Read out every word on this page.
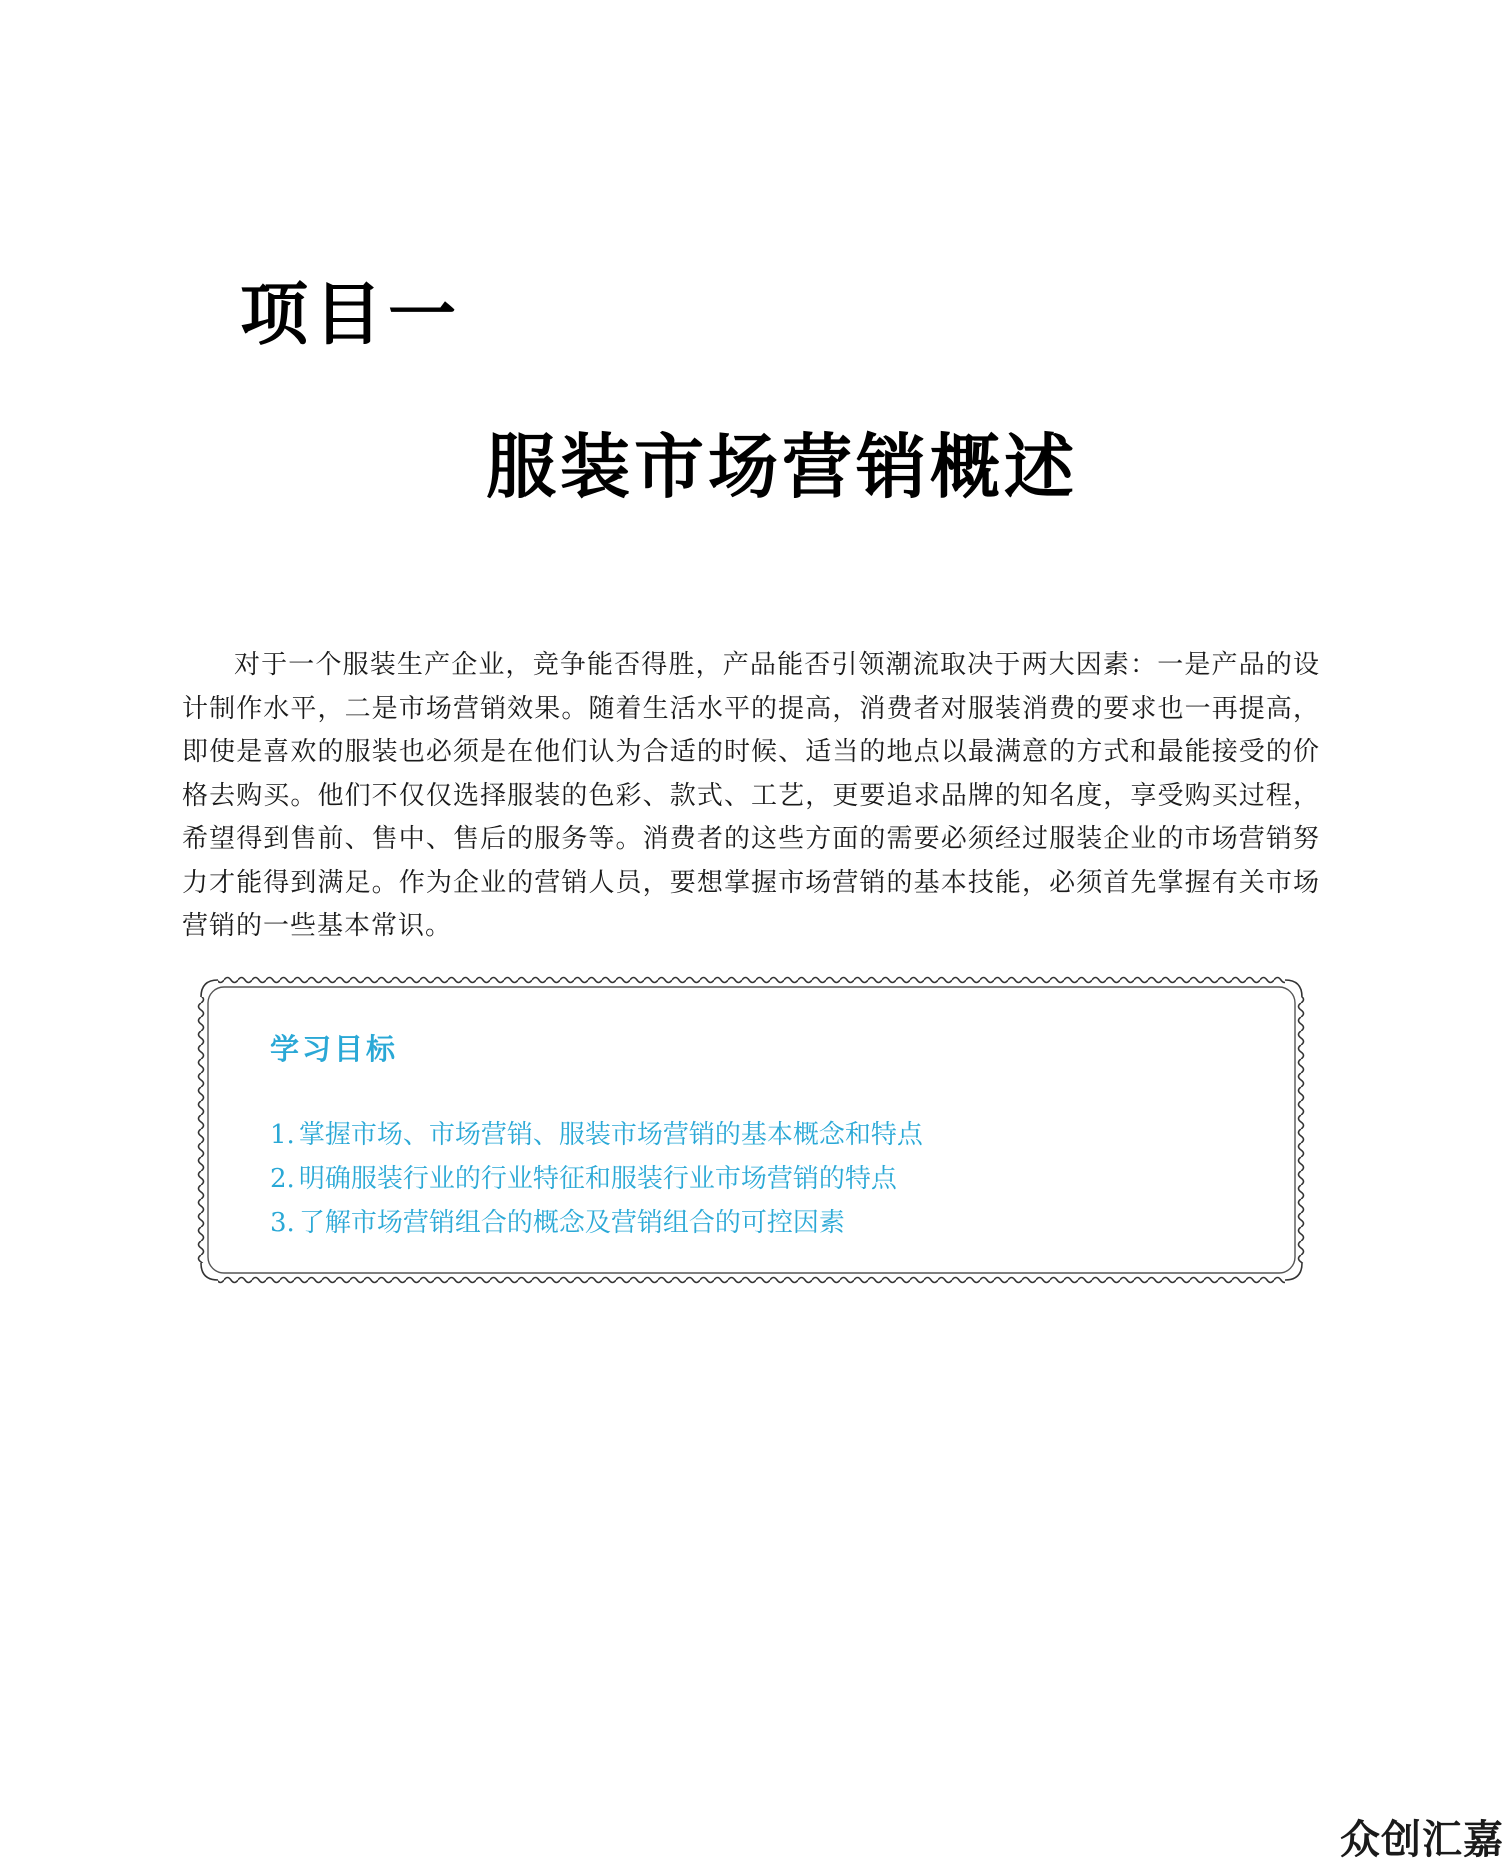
项目一
服装市场营销概述

对于一个服装生产企业，竞争能否得胜，产品能否引领潮流取决于两大因素：一是产品的设计制作水平，二是市场营销效果。随着生活水平的提高，消费者对服装消费的要求也一再提高，即使是喜欢的服装也必须是在他们认为合适的时候、适当的地点以最满意的方式和最能接受的价格去购买。他们不仅仅选择服装的色彩、款式、工艺，更要追求品牌的知名度，享受购买过程，希望得到售前、售中、售后的服务等。消费者的这些方面的需要必须经过服装企业的市场营销努力才能得到满足。作为企业的营销人员，要想掌握市场营销的基本技能，必须首先掌握有关市场营销的一些基本常识。

学习目标
1. 掌握市场、市场营销、服装市场营销的基本概念和特点
2. 明确服装行业的行业特征和服装行业市场营销的特点
3. 了解市场营销组合的概念及营销组合的可控因素
众创汇嘉
